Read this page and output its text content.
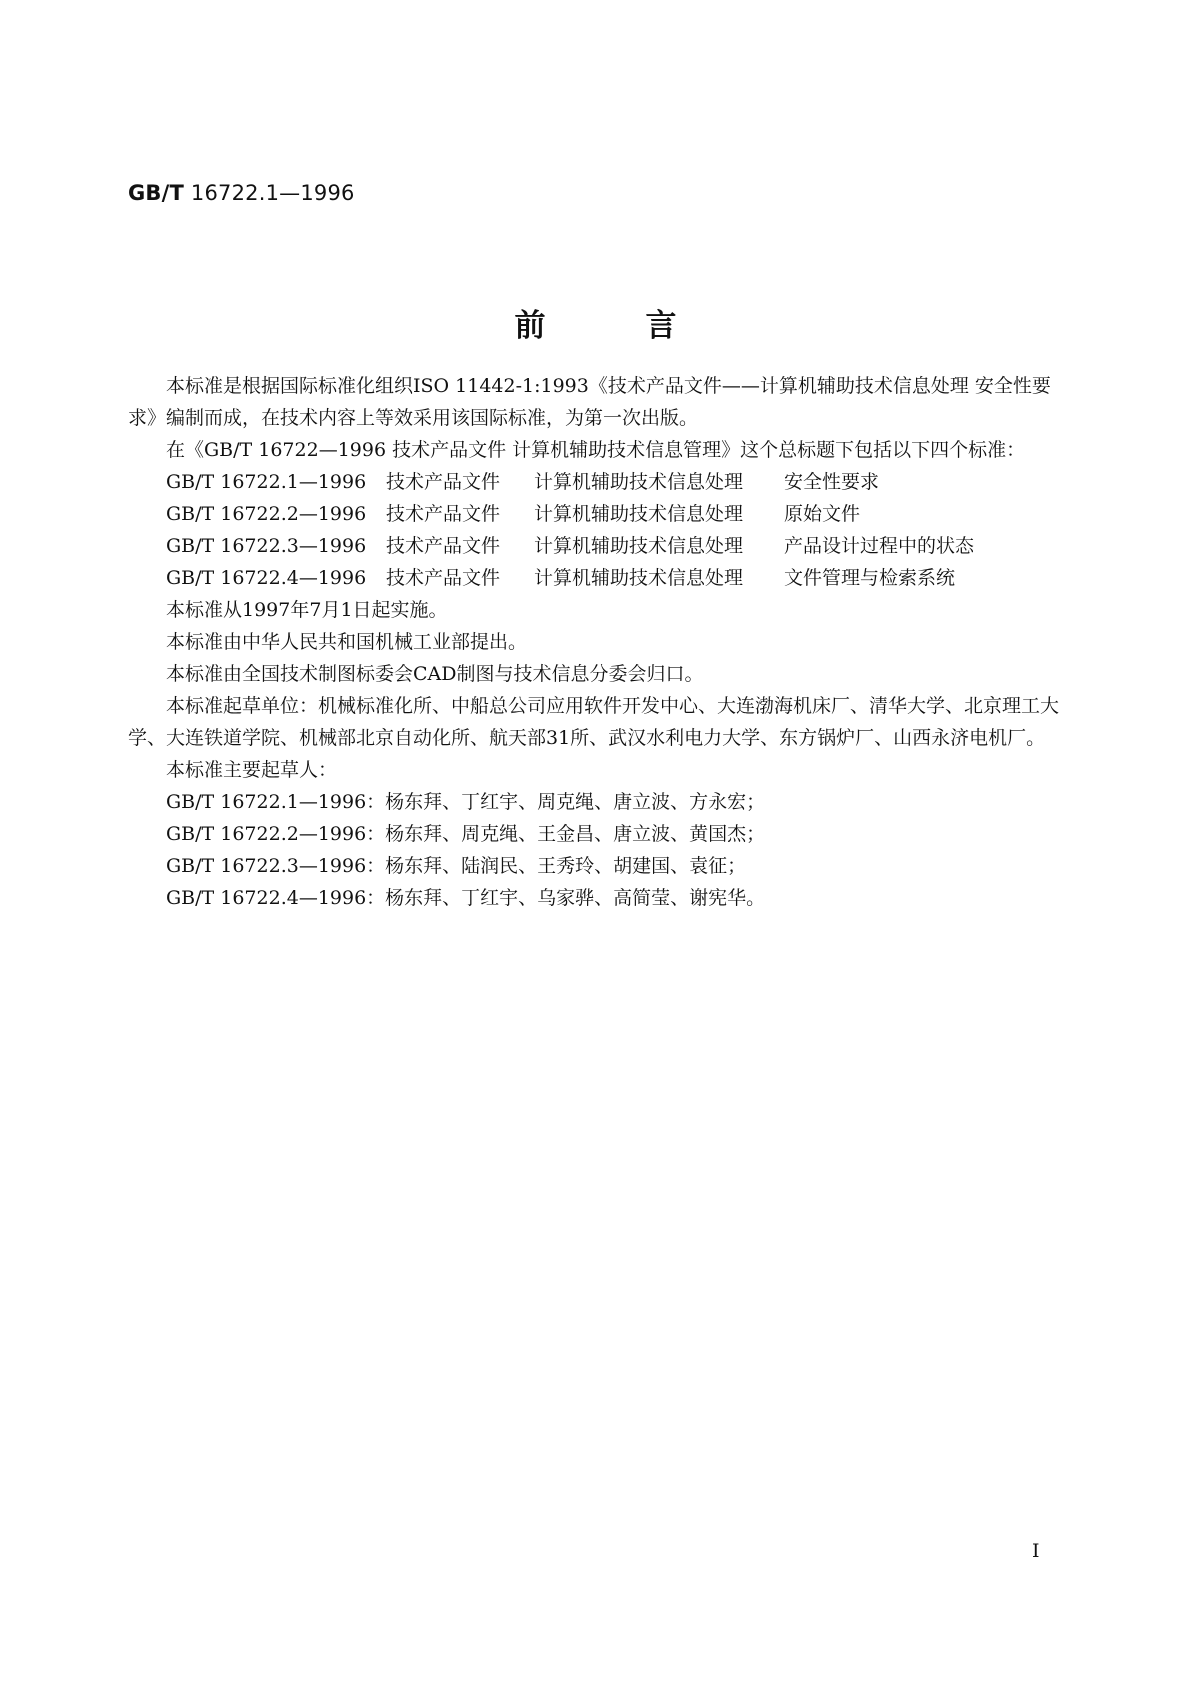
GB/T 16722.1—1996
前言

本标准是根据国际标准化组织ISO 11442-1:1993《技术产品文件——计算机辅助技术信息处理 安全性要求》编制而成，在技术内容上等效采用该国际标准，为第一次出版。

在《GB/T 16722—1996 技术产品文件 计算机辅助技术信息管理》这个总标题下包括以下四个标准：

GB/T 16722.1—1996 技术产品文件 计算机辅助技术信息处理 安全性要求

GB/T 16722.2—1996 技术产品文件 计算机辅助技术信息处理 原始文件

GB/T 16722.3—1996 技术产品文件 计算机辅助技术信息处理 产品设计过程中的状态

GB/T 16722.4—1996 技术产品文件 计算机辅助技术信息处理 文件管理与检索系统

本标准从1997年7月1日起实施。

本标准由中华人民共和国机械工业部提出。

本标准由全国技术制图标委会CAD制图与技术信息分委会归口。

本标准起草单位：机械标准化所、中船总公司应用软件开发中心、大连渤海机床厂、清华大学、北京理工大学、大连铁道学院、机械部北京自动化所、航天部31所、武汉水利电力大学、东方锅炉厂、山西永济电机厂。

本标准主要起草人：

GB/T 16722.1—1996：杨东拜、丁红宇、周克绳、唐立波、方永宏；

GB/T 16722.2—1996：杨东拜、周克绳、王金昌、唐立波、黄国杰；

GB/T 16722.3—1996：杨东拜、陆润民、王秀玲、胡建国、袁征；

GB/T 16722.4—1996：杨东拜、丁红宇、乌家骅、高简莹、谢宪华。

I
